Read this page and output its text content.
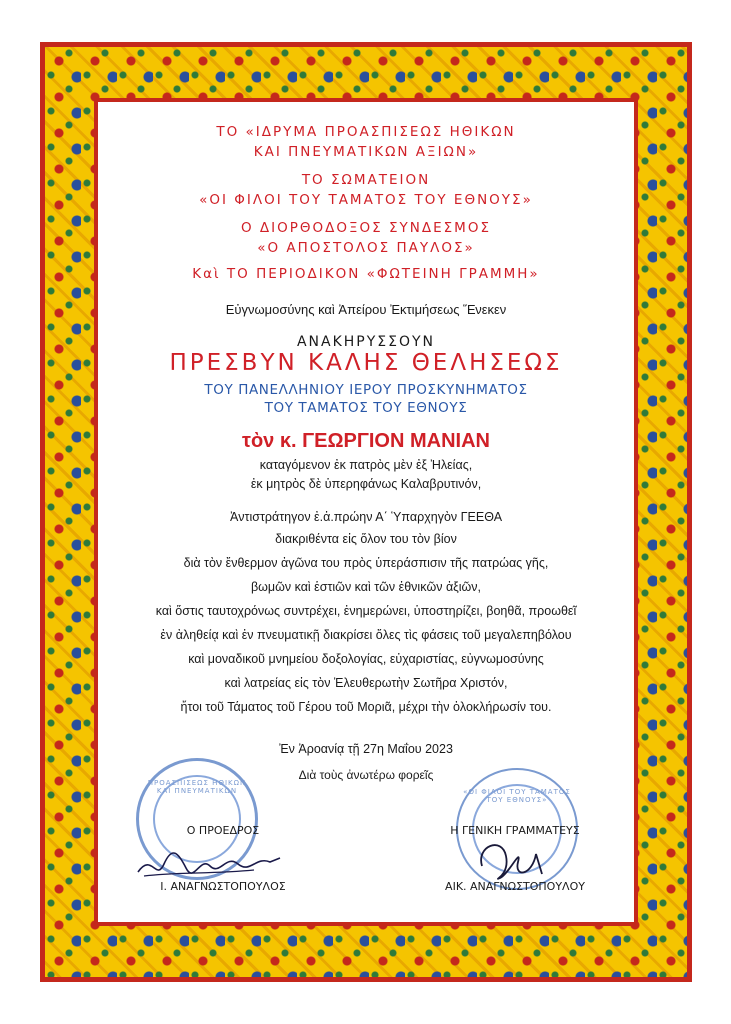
ΤΟ «ΙΔΡΥΜΑ ΠΡΟΑΣΠΙΣΕΩΣ ΗΘΙΚΩΝ
ΚΑΙ ΠΝΕΥΜΑΤΙΚΩΝ ΑΞΙΩΝ»
ΤΟ ΣΩΜΑΤΕΙΟΝ
«ΟΙ ΦΙΛΟΙ ΤΟΥ ΤΑΜΑΤΟΣ ΤΟΥ ΕΘΝΟΥΣ»
Ο ΔΙΟΡΘΟΔΟΞΟΣ ΣΥΝΔΕΣΜΟΣ
«Ο ΑΠΟΣΤΟΛΟΣ ΠΑΥΛΟΣ»
Καὶ ΤΟ ΠΕΡΙΟΔΙΚΟΝ «ΦΩΤΕΙΝΗ ΓΡΑΜΜΗ»
Εὐγνωμοσύνης καὶ Ἀπείρου Ἐκτιμήσεως Ἕνεκεν
ΑΝΑΚΗΡΥΣΣΟΥΝ
ΠΡΕΣΒΥΝ ΚΑΛΗΣ ΘΕΛΗΣΕΩΣ
ΤΟΥ ΠΑΝΕΛΛΗΝΙΟΥ ΙΕΡΟΥ ΠΡΟΣΚΥΝΗΜΑΤΟΣ
ΤΟΥ ΤΑΜΑΤΟΣ ΤΟΥ ΕΘΝΟΥΣ
τὸν κ. ΓΕΩΡΓΙΟΝ ΜΑΝΙΑΝ
καταγόμενον ἐκ πατρὸς μὲν ἐξ Ἠλείας,
ἐκ μητρὸς δὲ ὑπερηφάνως Καλαβρυτινόν,
Ἀντιστράτηγον ἐ.ἀ.πρώην Α΄ Ὑπαρχηγὸν ΓΕΕΘΑ
διακριθέντα εἰς ὅλον του τὸν βίον
διὰ τὸν ἔνθερμον ἀγῶνα του πρὸς ὑπεράσπισιν τῆς πατρώας γῆς,
βωμῶν καὶ ἑστιῶν καὶ τῶν ἐθνικῶν ἀξιῶν,
καὶ ὅστις ταυτοχρόνως συντρέχει, ἐνημερώνει, ὑποστηρίζει, βοηθᾶ, προωθεῖ
ἐν ἀληθείᾳ καὶ ἐν πνευματικῇ διακρίσει ὅλες τὶς φάσεις τοῦ μεγαλεπηβόλου
καὶ μοναδικοῦ μνημείου δοξολογίας, εὐχαριστίας, εὐγνωμοσύνης
καὶ λατρείας εἰς τὸν Ἐλευθερωτὴν Σωτῆρα Χριστόν,
ἤτοι τοῦ Τάματος τοῦ Γέρου τοῦ Μοριᾶ, μέχρι τὴν ὁλοκλήρωσίν του.
Ἐν Ἀροανίᾳ τῇ 27η Μαΐου 2023
Διὰ τοὺς ἀνωτέρω φορεῖς
ΠΡΟΑΣΠΙΣΕΩΣ ΗΘΙΚΩΝ ΚΑΙ ΠΝΕΥΜΑΤΙΚΩΝ	«ΟΙ ΦΙΛΟΙ ΤΟΥ ΤΑΜΑΤΟΣ ΤΟΥ ΕΘΝΟΥΣ»
Ο ΠΡΟΕΔΡΟΣ	Η ΓΕΝΙΚΗ ΓΡΑΜΜΑΤΕΥΣ
Ι. ΑΝΑΓΝΩΣΤΟΠΟΥΛΟΣ	ΑΙΚ. ΑΝΑΓΝΩΣΤΟΠΟΥΛΟΥ
